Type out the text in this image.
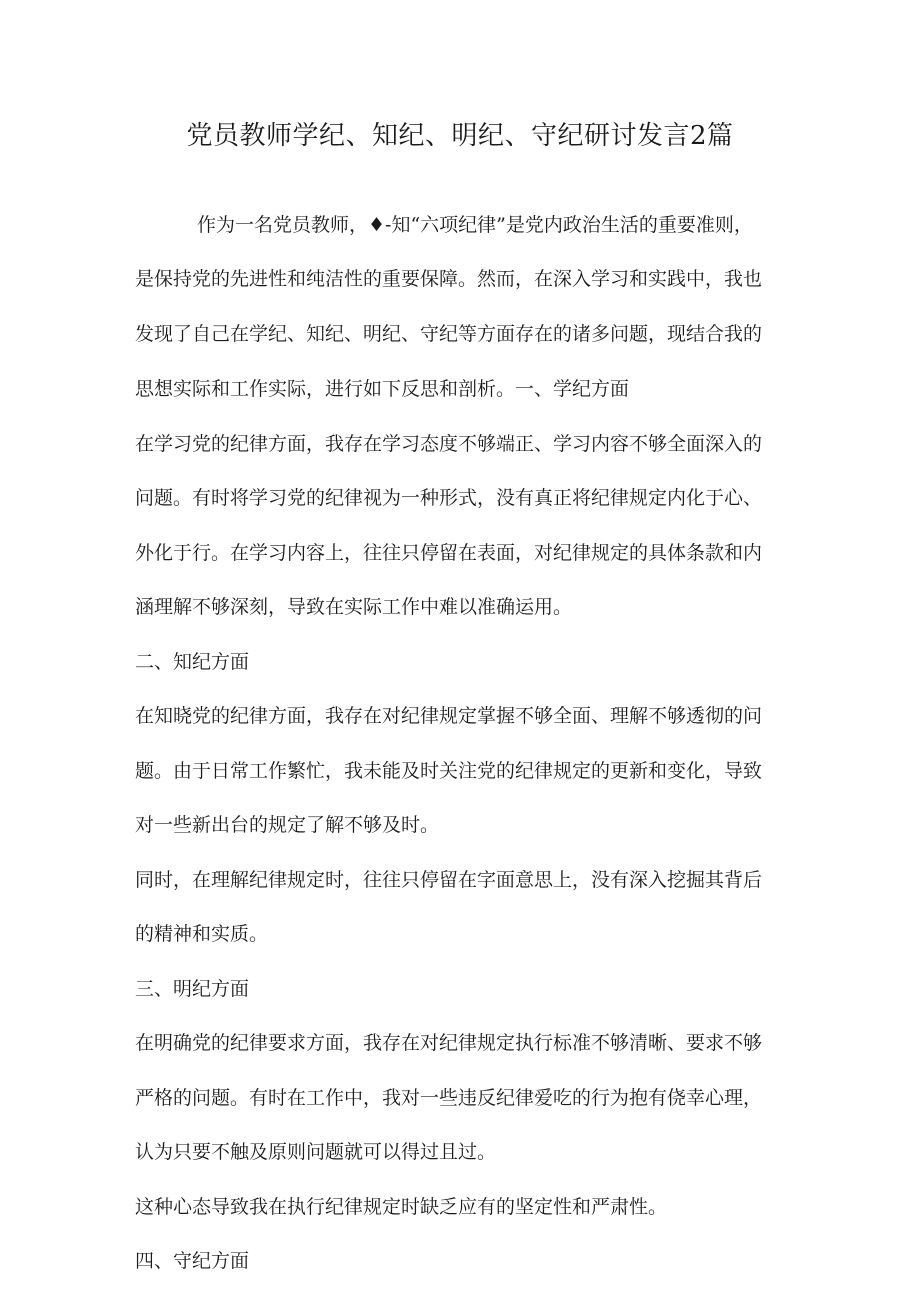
党员教师学纪、知纪、明纪、守纪研讨发言2篇

作为一名党员教师，♦-知“六项纪律”是党内政治生活的重要准则，

是保持党的先进性和纯洁性的重要保障。然而，在深入学习和实践中，我也

发现了自己在学纪、知纪、明纪、守纪等方面存在的诸多问题，现结合我的

思想实际和工作实际，进行如下反思和剖析。一、学纪方面

在学习党的纪律方面，我存在学习态度不够端正、学习内容不够全面深入的

问题。有时将学习党的纪律视为一种形式，没有真正将纪律规定内化于心、

外化于行。在学习内容上，往往只停留在表面，对纪律规定的具体条款和内

涵理解不够深刻，导致在实际工作中难以准确运用。

二、知纪方面

在知晓党的纪律方面，我存在对纪律规定掌握不够全面、理解不够透彻的问

题。由于日常工作繁忙，我未能及时关注党的纪律规定的更新和变化，导致

对一些新出台的规定了解不够及时。

同时，在理解纪律规定时，往往只停留在字面意思上，没有深入挖掘其背后

的精神和实质。

三、明纪方面

在明确党的纪律要求方面，我存在对纪律规定执行标准不够清晰、要求不够

严格的问题。有时在工作中，我对一些违反纪律爱吃的行为抱有侥幸心理，

认为只要不触及原则问题就可以得过且过。

这种心态导致我在执行纪律规定时缺乏应有的坚定性和严肃性。

四、守纪方面
